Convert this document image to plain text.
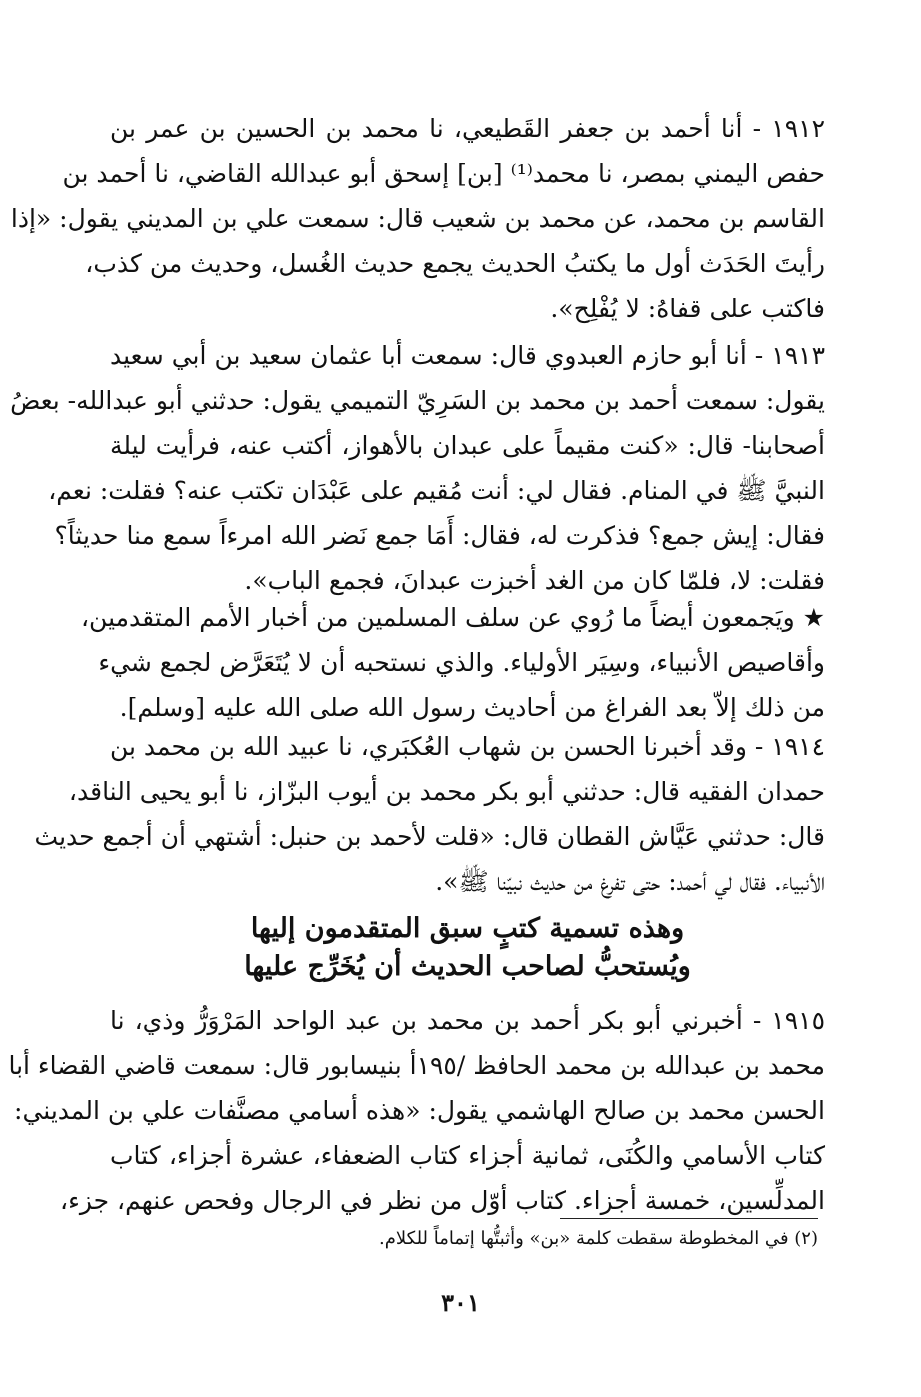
١٩١٢ - أنا أحمد بن جعفر القَطيعي، نا محمد بن الحسين بن عمر بن
حفص اليمني بمصر، نا محمد⁽¹⁾ [بن] إسحق أبو عبدالله القاضي، نا أحمد بن
القاسم بن محمد، عن محمد بن شعيب قال: سمعت علي بن المديني يقول: «إذا
رأيتَ الحَدَث أول ما يكتبُ الحديث يجمع حديث الغُسل، وحديث من كذب،
فاكتب على قفاهُ: لا يُفْلِح».
١٩١٣ - أنا أبو حازم العبدوي قال: سمعت أبا عثمان سعيد بن أبي سعيد
يقول: سمعت أحمد بن محمد بن السَرِيّ التميمي يقول: حدثني أبو عبدالله- بعضُ
أصحابنا- قال: «كنت مقيماً على عبدان بالأهواز، أكتب عنه، فرأيت ليلة
النبيَّ ﷺ في المنام. فقال لي: أنت مُقيم على عَبْدَان تكتب عنه؟ فقلت: نعم،
فقال: إيش جمع؟ فذكرت له، فقال: أَمَا جمع نَضر الله امرءاً سمع منا حديثاً؟
فقلت: لا، فلمّا كان من الغد أخبزت عبدانَ، فجمع الباب».
★ ويَجمعون أيضاً ما رُوي عن سلف المسلمين من أخبار الأمم المتقدمين،
وأقاصيص الأنبياء، وسِيَر الأولياء. والذي نستحبه أن لا يُتَعَرَّض لجمع شيء
من ذلك إلاّ بعد الفراغ من أحاديث رسول الله صلى الله عليه [وسلم].
١٩١٤ - وقد أخبرنا الحسن بن شهاب العُكبَري، نا عبيد الله بن محمد بن
حمدان الفقيه قال: حدثني أبو بكر محمد بن أيوب البزّاز، نا أبو يحيى الناقد،
قال: حدثني عَيَّاش القطان قال: «قلت لأحمد بن حنبل: أشتهي أن أجمع حديث
الأنبياء. فقال لي أحمد: حتى تفرغ من حديث نبيّنا ﷺ».
وهذه تسمية كتبٍ سبق المتقدمون إليها
ويُستحبُّ لصاحب الحديث أن يُخَرِّج عليها
١٩١٥ - أخبرني أبو بكر أحمد بن محمد بن عبد الواحد المَرْوَرُّ وذي، نا
محمد بن عبدالله بن محمد الحافظ /١٩٥أ بنيسابور قال: سمعت قاضي القضاء أبا
الحسن محمد بن صالح الهاشمي يقول: «هذه أسامي مصنَّفات علي بن المديني:
كتاب الأسامي والكُنَى، ثمانية أجزاء كتاب الضعفاء، عشرة أجزاء، كتاب
المدلِّسين، خمسة أجزاء. كتاب أوّل من نظر في الرجال وفحص عنهم، جزء،
(٢) في المخطوطة سقطت كلمة «بن» وأثبتُّها إتماماً للكلام.
٣٠١
